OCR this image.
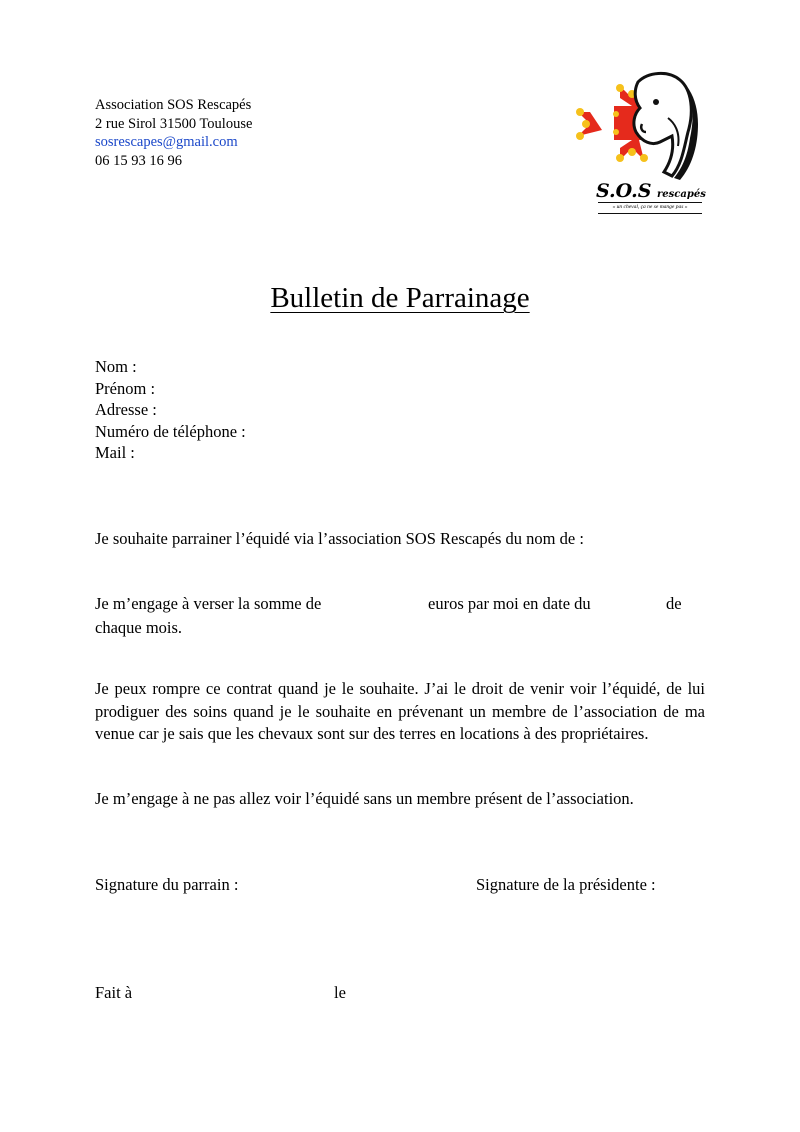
Association SOS Rescapés
2 rue Sirol 31500 Toulouse
sosrescapes@gmail.com
06 15 93 16 96
S.O.S rescapés
« un cheval, ça ne se mange pas »
Bulletin de Parrainage
Nom :
Prénom :
Adresse :
Numéro de téléphone :
Mail :
Je souhaite parrainer l’équidé via l’association SOS Rescapés du nom de :
Je m’engage à verser la somme de	euros par moi en date du	de
chaque mois.
Je peux rompre ce contrat quand je le souhaite. J’ai le droit de venir voir l’équidé, de lui prodiguer des soins quand je le souhaite en prévenant un membre de l’association de ma venue car je sais que les chevaux sont sur des terres en locations à des propriétaires.
Je m’engage à ne pas allez voir l’équidé sans un membre présent de l’association.
Signature du parrain :	Signature de la présidente :
Fait à	le
